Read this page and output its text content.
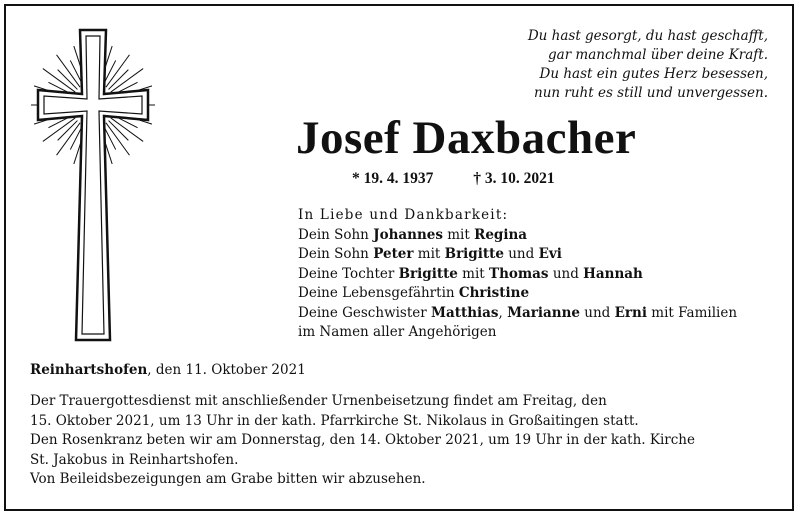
Du hast gesorgt, du hast geschafft,
gar manchmal über deine Kraft.
Du hast ein gutes Herz besessen,
nun ruht es still und unvergessen.
Josef Daxbacher
* 19. 4. 1937	† 3. 10. 2021
In Liebe und Dankbarkeit:
Dein Sohn Johannes mit Regina
Dein Sohn Peter mit Brigitte und Evi
Deine Tochter Brigitte mit Thomas und Hannah
Deine Lebensgefährtin Christine
Deine Geschwister Matthias, Marianne und Erni mit Familien
im Namen aller Angehörigen
Reinhartshofen, den 11. Oktober 2021
Der Trauergottesdienst mit anschließender Urnenbeisetzung findet am Freitag, den
15. Oktober 2021, um 13 Uhr in der kath. Pfarrkirche St. Nikolaus in Großaitingen statt.
Den Rosenkranz beten wir am Donnerstag, den 14. Oktober 2021, um 19 Uhr in der kath. Kirche
St. Jakobus in Reinhartshofen.
Von Beileidsbezeigungen am Grabe bitten wir abzusehen.
